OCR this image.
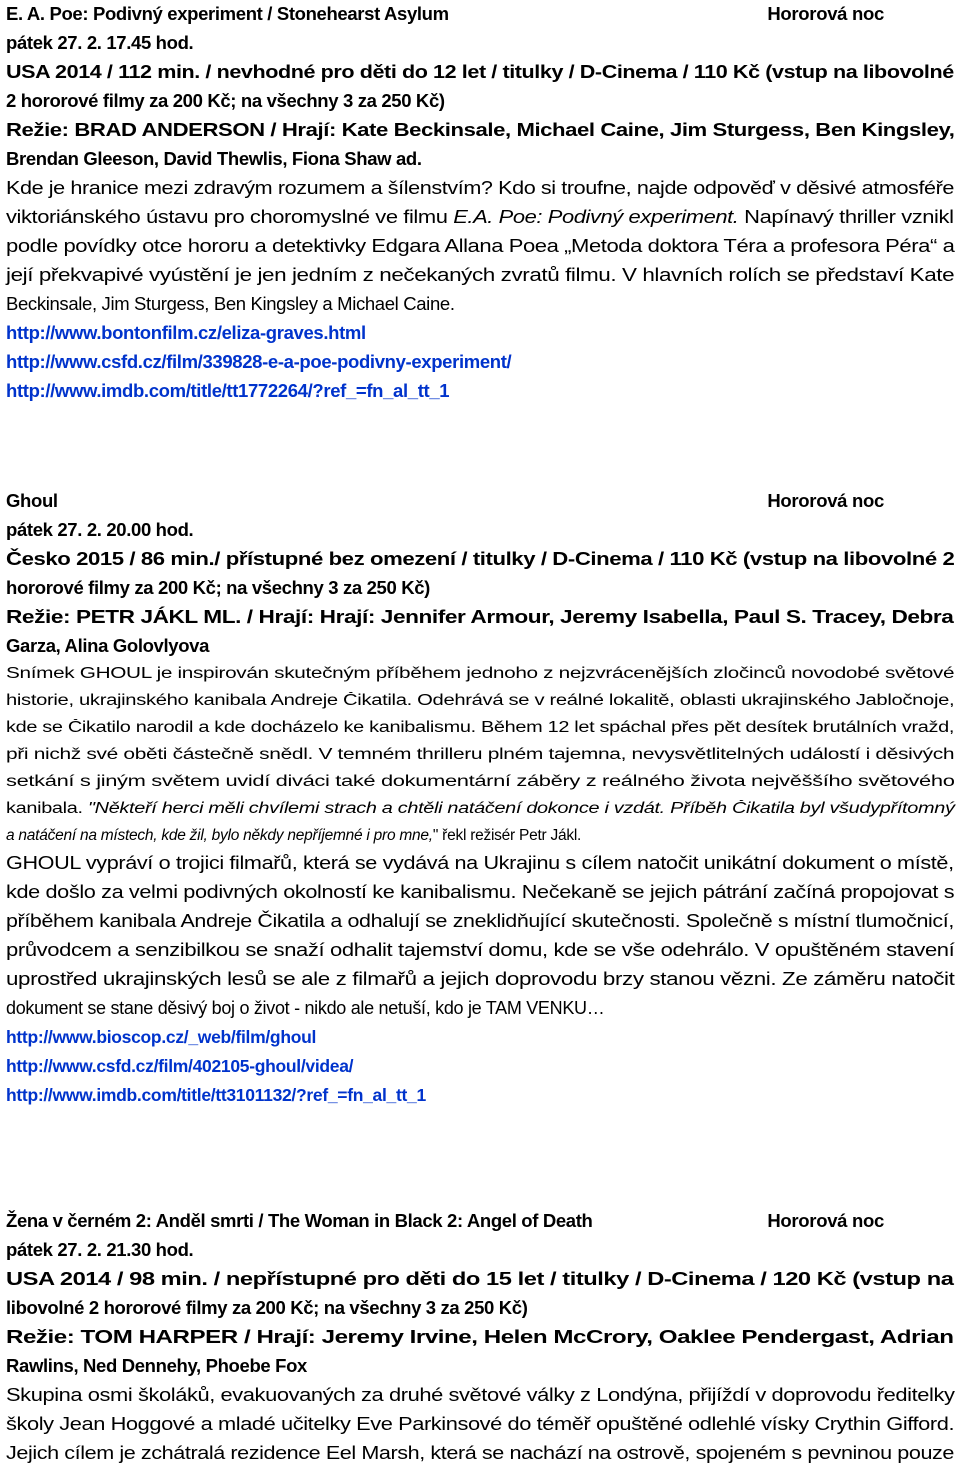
E. A. Poe: Podivný experiment / Stonehearst Asylum	Hororová noc
pátek 27. 2. 17.45 hod.
USA 2014 / 112 min. / nevhodné pro děti do 12 let / titulky / D-Cinema / 110 Kč (vstup na libovolné
2 hororové filmy za 200 Kč; na všechny 3 za 250 Kč)
Režie: BRAD ANDERSON / Hrají: Kate Beckinsale, Michael Caine, Jim Sturgess, Ben Kingsley,
Brendan Gleeson, David Thewlis, Fiona Shaw ad.
Kde je hranice mezi zdravým rozumem a šílenstvím? Kdo si troufne, najde odpověď v děsivé atmosféře
viktoriánského ústavu pro choromyslné ve filmu E.A. Poe: Podivný experiment. Napínavý thriller vznikl
podle povídky otce hororu a detektivky Edgara Allana Poea „Metoda doktora Téra a profesora Péra“ a
její překvapivé vyústění je jen jedním z nečekaných zvratů filmu. V hlavních rolích se představí Kate
Beckinsale, Jim Sturgess, Ben Kingsley a Michael Caine.
http://www.bontonfilm.cz/eliza-graves.html
http://www.csfd.cz/film/339828-e-a-poe-podivny-experiment/
http://www.imdb.com/title/tt1772264/?ref_=fn_al_tt_1
Ghoul	Hororová noc
pátek 27. 2. 20.00 hod.
Česko 2015 / 86 min./ přístupné bez omezení / titulky / D-Cinema / 110 Kč (vstup na libovolné 2
hororové filmy za 200 Kč; na všechny 3 za 250 Kč)
Režie: PETR JÁKL ML. / Hrají: Hrají: Jennifer Armour, Jeremy Isabella, Paul S. Tracey, Debra
Garza, Alina Golovlyova
Snímek GHOUL je inspirován skutečným příběhem jednoho z nejzvrácenějších zločinců novodobé světové
historie, ukrajinského kanibala Andreje Čikatila. Odehrává se v reálné lokalitě, oblasti ukrajinského Jabločnoje,
kde se Čikatilo narodil a kde docházelo ke kanibalismu. Během 12 let spáchal přes pět desítek brutálních vražd,
při nichž své oběti částečně snědl. V temném thrilleru plném tajemna, nevysvětlitelných událostí i děsivých
setkání s jiným světem uvidí diváci také dokumentární záběry z reálného života nejvěššího světového
kanibala. "Někteří herci měli chvílemi strach a chtěli natáčení dokonce i vzdát. Příběh Čikatila byl všudypřítomný
a natáčení na místech, kde žil, bylo někdy nepříjemné i pro mne," řekl režisér Petr Jákl.
GHOUL vypráví o trojici filmařů, která se vydává na Ukrajinu s cílem natočit unikátní dokument o místě,
kde došlo za velmi podivných okolností ke kanibalismu. Nečekaně se jejich pátrání začíná propojovat s
příběhem kanibala Andreje Čikatila a odhalují se zneklidňující skutečnosti. Společně s místní tlumočnicí,
průvodcem a senzibilkou se snaží odhalit tajemství domu, kde se vše odehrálo. V opuštěném stavení
uprostřed ukrajinských lesů se ale z filmařů a jejich doprovodu brzy stanou vězni. Ze záměru natočit
dokument se stane děsivý boj o život - nikdo ale netuší, kdo je TAM VENKU…
http://www.bioscop.cz/_web/film/ghoul
http://www.csfd.cz/film/402105-ghoul/videa/
http://www.imdb.com/title/tt3101132/?ref_=fn_al_tt_1
Žena v černém 2: Anděl smrti / The Woman in Black 2: Angel of Death	Hororová noc
pátek 27. 2. 21.30 hod.
USA 2014 / 98 min. / nepřístupné pro děti do 15 let / titulky / D-Cinema / 120 Kč (vstup na
libovolné 2 hororové filmy za 200 Kč; na všechny 3 za 250 Kč)
Režie: TOM HARPER / Hrají: Jeremy Irvine, Helen McCrory, Oaklee Pendergast, Adrian
Rawlins, Ned Dennehy, Phoebe Fox
Skupina osmi školáků, evakuovaných za druhé světové války z Londýna, přijíždí v doprovodu ředitelky
školy Jean Hoggové a mladé učitelky Eve Parkinsové do téměř opuštěné odlehlé vísky Crythin Gifford.
Jejich cílem je zchátralá rezidence Eel Marsh, která se nachází na ostrově, spojeném s pevninou pouze
